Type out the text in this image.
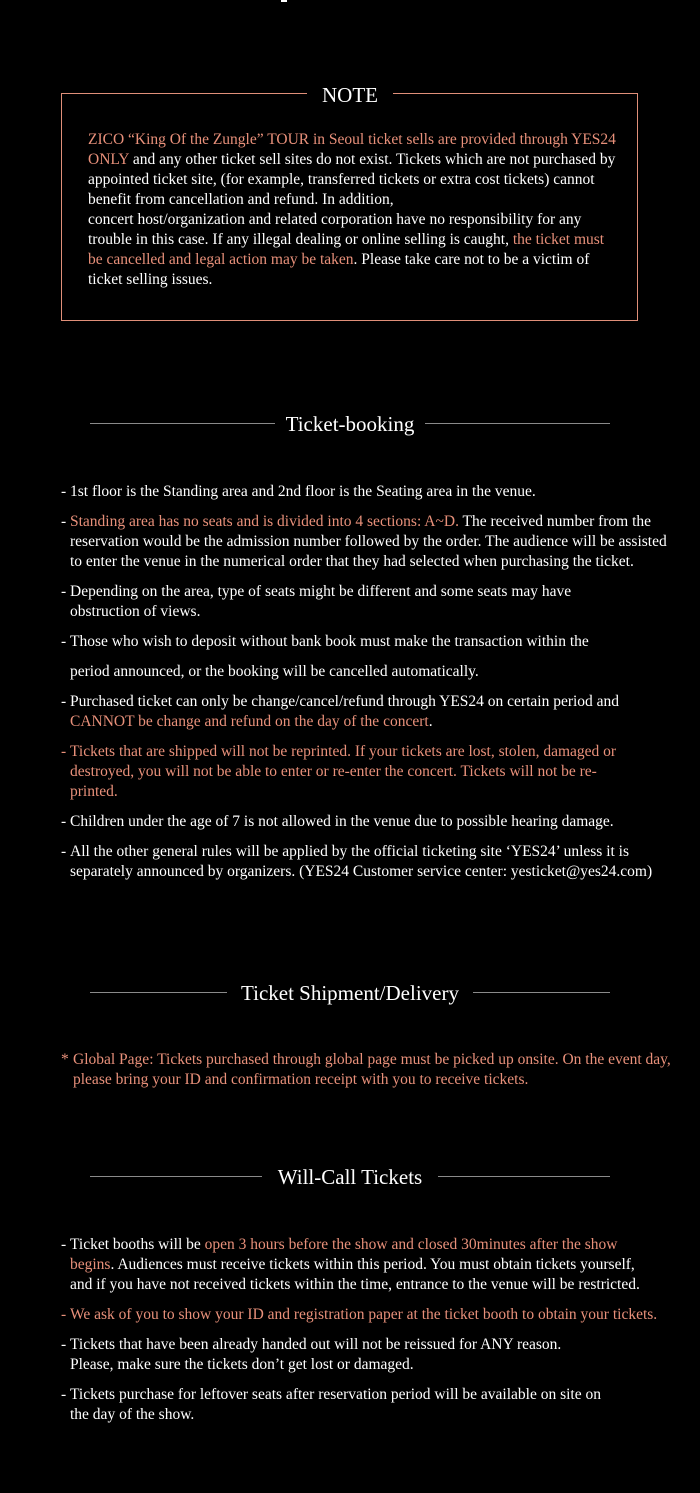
NOTE
ZICO “King Of the Zungle” TOUR in Seoul ticket sells are provided through YES24 ONLY and any other ticket sell sites do not exist. Tickets which are not purchased by appointed ticket site, (for example, transferred tickets or extra cost tickets) cannot benefit from cancellation and refund. In addition,
concert host/organization and related corporation have no responsibility for any trouble in this case. If any illegal dealing or online selling is caught, the ticket must be cancelled and legal action may be taken. Please take care not to be a victim of ticket selling issues.
Ticket-booking
- 1st floor is the Standing area and 2nd floor is the Seating area in the venue.
- Standing area has no seats and is divided into 4 sections: A~D. The received number from the reservation would be the admission number followed by the order. The audience will be assisted to enter the venue in the numerical order that they had selected when purchasing the ticket.
- Depending on the area, type of seats might be different and some seats may have obstruction of views.
- Those who wish to deposit without bank book must make the transaction within the
period announced, or the booking will be cancelled automatically.
- Purchased ticket can only be change/cancel/refund through YES24 on certain period and CANNOT be change and refund on the day of the concert.
- Tickets that are shipped will not be reprinted. If your tickets are lost, stolen, damaged or destroyed, you will not be able to enter or re-enter the concert. Tickets will not be re-printed.
- Children under the age of 7 is not allowed in the venue due to possible hearing damage.
- All the other general rules will be applied by the official ticketing site ‘YES24’ unless it is separately announced by organizers. (YES24 Customer service center: yesticket@yes24.com)
Ticket Shipment/Delivery
* Global Page: Tickets purchased through global page must be picked up onsite. On the event day, please bring your ID and confirmation receipt with you to receive tickets.
Will-Call Tickets
- Ticket booths will be open 3 hours before the show and closed 30minutes after the show begins. Audiences must receive tickets within this period. You must obtain tickets yourself, and if you have not received tickets within the time, entrance to the venue will be restricted.
- We ask of you to show your ID and registration paper at the ticket booth to obtain your tickets.
- Tickets that have been already handed out will not be reissued for ANY reason. Please, make sure the tickets don’t get lost or damaged.
- Tickets purchase for leftover seats after reservation period will be available on site on the day of the show.
